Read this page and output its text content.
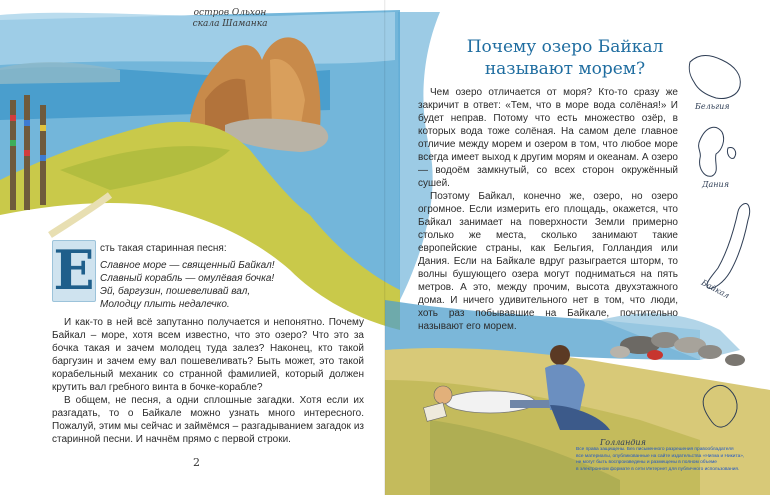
остров Ольхон
скала Шаманка
Е сть такая старинная песня:

Славное море — священный Байкал!
Славный корабль — омулёвая бочка!
Эй, баргузин, пошевеливай вал,
Молодцу плыть недалечко.

И как-то в ней всё запутанно получается и непонятно. Почему Байкал – море, хотя всем известно, что это озеро? Что это за бочка такая и зачем молодец туда залез? Наконец, кто такой баргузин и зачем ему вал пошевеливать? Быть может, это такой корабельный механик со странной фамилией, который должен крутить вал гребного винта в бочке-корабле?

В общем, не песня, а одни сплошные загадки. Хотя если их разгадать, то о Байкале можно узнать много интересного. Пожалуй, этим мы сейчас и займёмся – разгадыванием загадок из старинной песни. И начнём прямо с первой строки.

2
Почему озеро Байкал
называют морем?

Чем озеро отличается от моря? Кто-то сразу же закричит в ответ: «Тем, что в море вода солёная!» И будет неправ. Потому что есть множество озёр, в которых вода тоже солёная. На самом деле главное отличие между морем и озером в том, что любое море всегда имеет выход к другим морям и океанам. А озеро — водоём замкнутый, со всех сторон окружённый сушей.

Поэтому Байкал, конечно же, озеро, но озеро огромное. Если измерить его площадь, окажется, что Байкал занимает на поверхности Земли примерно столько же места, сколько занимают такие европейские страны, как Бельгия, Голландия или Дания. Если на Байкале вдруг разыграется шторм, то волны бушующего озера могут подниматься на пять метров. А это, между прочим, высота двухэтажного дома. И ничего удивительного нет в том, что люди, хоть раз побывавшие на Байкале, почтительно называют его морем.

Бельгия
Дания
Байкал
Голландия
Все права защищены. Без письменного разрешения правообладателя
все материалы, опубликованные на сайте издательства «Нигма и Никита»,
не могут быть воспроизведены и размещены в полном объеме
в электронном формате в сети Интернет для публичного использования.
